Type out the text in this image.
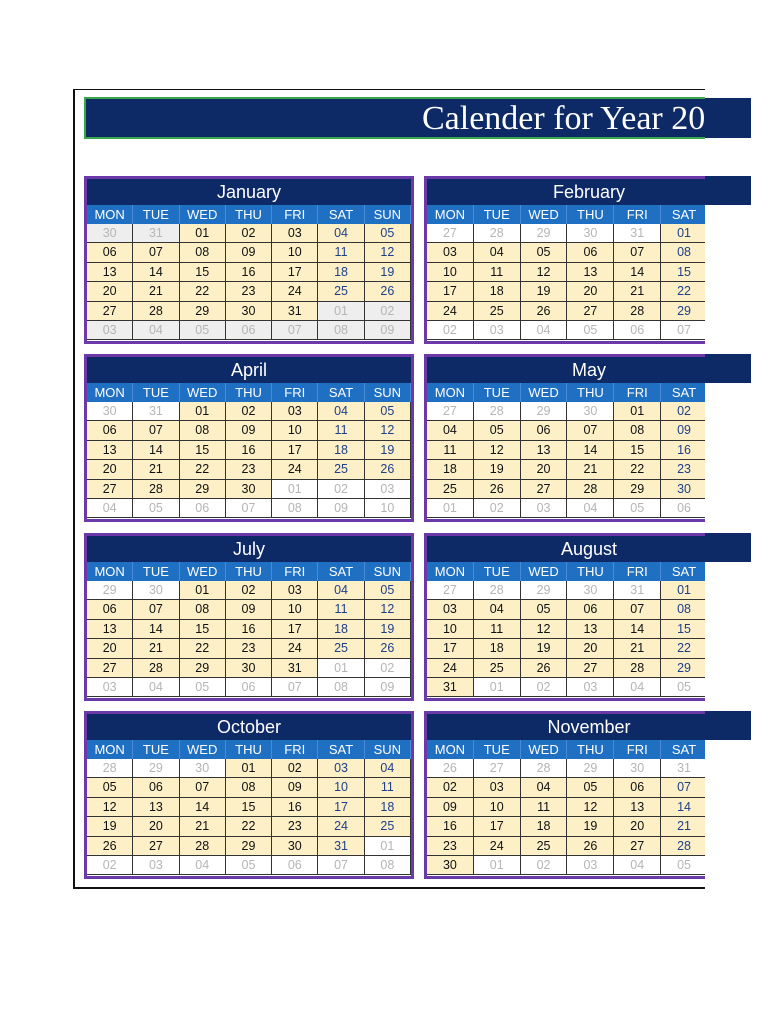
Calender for Year 20
January
MON	TUE	WED	THU	FRI	SAT	SUN
30	31	01	02	03	04	05
06	07	08	09	10	11	12
13	14	15	16	17	18	19
20	21	22	23	24	25	26
27	28	29	30	31	01	02
03	04	05	06	07	08	09
February
MON	TUE	WED	THU	FRI	SAT
27	28	29	30	31	01
03	04	05	06	07	08
10	11	12	13	14	15
17	18	19	20	21	22
24	25	26	27	28	29
02	03	04	05	06	07
April
MON	TUE	WED	THU	FRI	SAT	SUN
30	31	01	02	03	04	05
06	07	08	09	10	11	12
13	14	15	16	17	18	19
20	21	22	23	24	25	26
27	28	29	30	01	02	03
04	05	06	07	08	09	10
May
MON	TUE	WED	THU	FRI	SAT
27	28	29	30	01	02
04	05	06	07	08	09
11	12	13	14	15	16
18	19	20	21	22	23
25	26	27	28	29	30
01	02	03	04	05	06
July
MON	TUE	WED	THU	FRI	SAT	SUN
29	30	01	02	03	04	05
06	07	08	09	10	11	12
13	14	15	16	17	18	19
20	21	22	23	24	25	26
27	28	29	30	31	01	02
03	04	05	06	07	08	09
August
MON	TUE	WED	THU	FRI	SAT
27	28	29	30	31	01
03	04	05	06	07	08
10	11	12	13	14	15
17	18	19	20	21	22
24	25	26	27	28	29
31	01	02	03	04	05
October
MON	TUE	WED	THU	FRI	SAT	SUN
28	29	30	01	02	03	04
05	06	07	08	09	10	11
12	13	14	15	16	17	18
19	20	21	22	23	24	25
26	27	28	29	30	31	01
02	03	04	05	06	07	08
November
MON	TUE	WED	THU	FRI	SAT
26	27	28	29	30	31
02	03	04	05	06	07
09	10	11	12	13	14
16	17	18	19	20	21
23	24	25	26	27	28
30	01	02	03	04	05
